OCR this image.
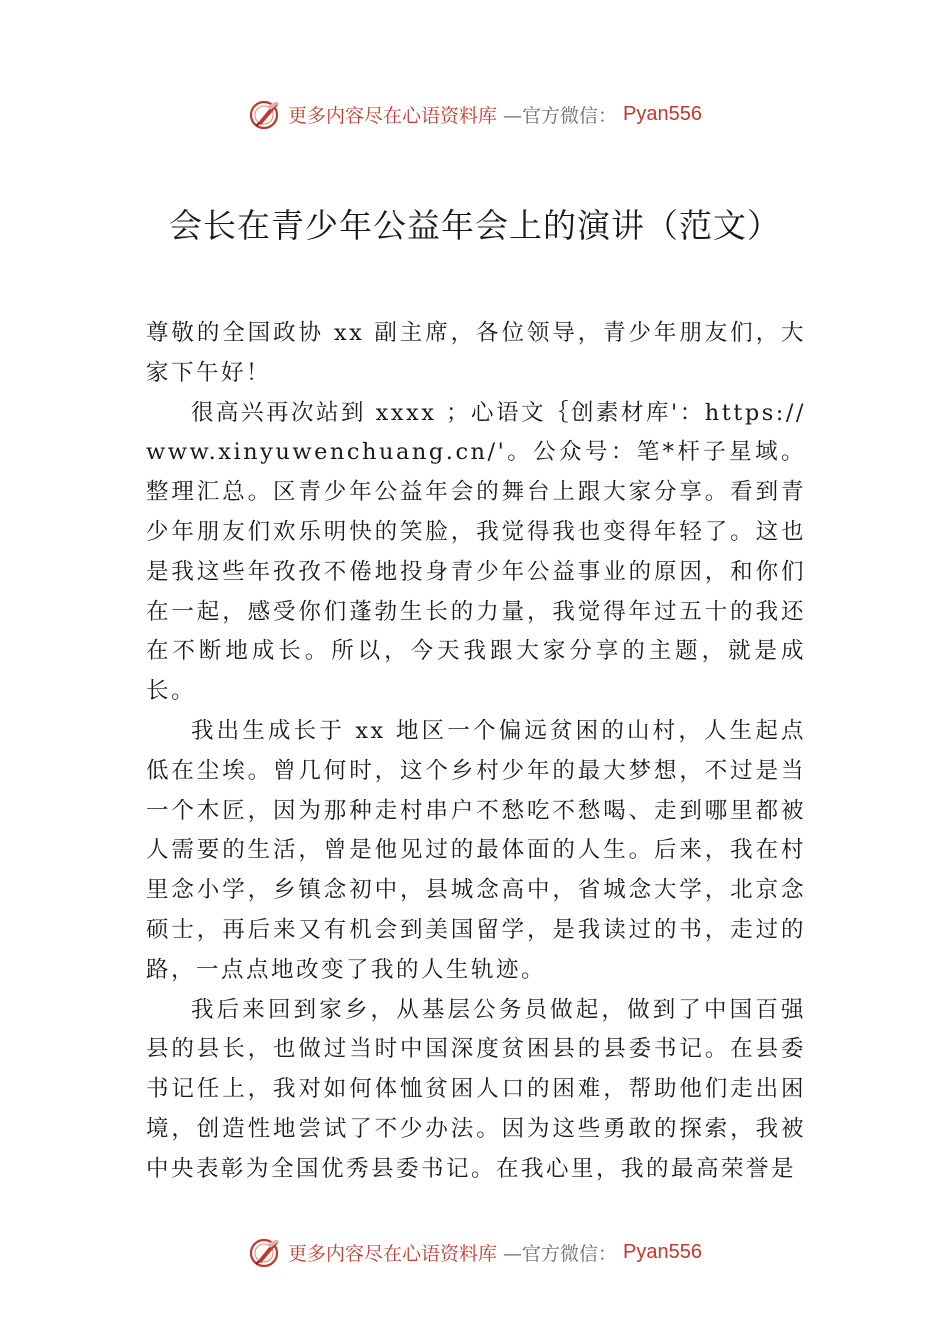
更多内容尽在心语资料库 —官方微信： Pyan556
会长在青少年公益年会上的演讲（范文）

尊敬的全国政协 xx 副主席，各位领导，青少年朋友们，大家下午好！

很高兴再次站到 xxxx ；心语文｛创素材库'：https://www.xinyuwenchuang.cn/'。公众号：笔*杆子星域。整理汇总。区青少年公益年会的舞台上跟大家分享。看到青少年朋友们欢乐明快的笑脸，我觉得我也变得年轻了。这也是我这些年孜孜不倦地投身青少年公益事业的原因，和你们在一起，感受你们蓬勃生长的力量，我觉得年过五十的我还在不断地成长。所以，今天我跟大家分享的主题，就是成长。

我出生成长于 xx 地区一个偏远贫困的山村，人生起点低在尘埃。曾几何时，这个乡村少年的最大梦想，不过是当一个木匠，因为那种走村串户不愁吃不愁喝、走到哪里都被人需要的生活，曾是他见过的最体面的人生。后来，我在村里念小学，乡镇念初中，县城念高中，省城念大学，北京念硕士，再后来又有机会到美国留学，是我读过的书，走过的路，一点点地改变了我的人生轨迹。

我后来回到家乡，从基层公务员做起，做到了中国百强县的县长，也做过当时中国深度贫困县的县委书记。在县委书记任上，我对如何体恤贫困人口的困难，帮助他们走出困境，创造性地尝试了不少办法。因为这些勇敢的探索，我被中央表彰为全国优秀县委书记。在我心里，我的最高荣誉是

更多内容尽在心语资料库 —官方微信： Pyan556
